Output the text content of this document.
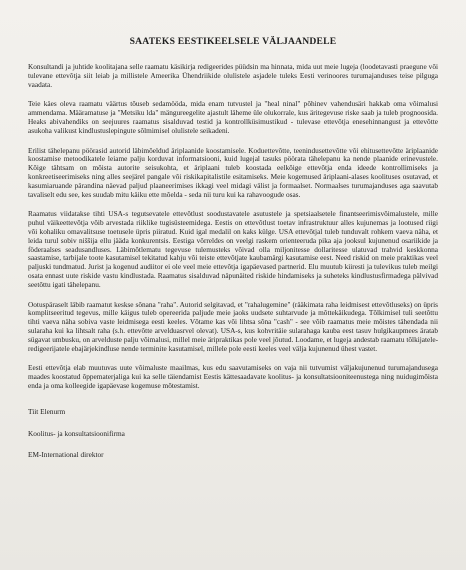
SAATEKS EESTIKEELSELE VÄLJAANDELE

Konsultandi ja juhtide koolitajana selle raamatu käsikirja redigeerides püüdsin ma hinnata, mida uut meie lugeja (loodetavasti praegune või tulevane ettevõtja siit leiab ja millistele Ameerika Ühendriikide olulistele asjadele tuleks Eesti verinoores turumajanduses teise pilguga vaadata.

Teie käes oleva raamatu väärtus tõuseb sedamööda, mida enam tutvustel ja "heal ninal" põhinev vahendusäri hakkab oma võimalusi ammendama. Määramatuse ja "Metsiku lda" mängureegelite ajastult läheme üle olukorrale, kus äritegevuse riske saab ja tuleb prognoosida. Heaks abivahendiks on seejuures raamatus sisalduvad testid ja kontrollküsimustikud - tulevase ettevõtja enesehinnangust ja ettevõtte asukoha valikust kindlustuslepingute sõlmimisel olulistele seikadeni.

Erilist tähelepanu pöörasid autorid läbimõeldud äriplaanide koostamisele. Koduettevõtte, teenindusettevõtte või ehitusettevõtte äriplaanide koostamise metoodikatele leiame palju korduvat informatsiooni, kuid lugejal tasuks pöörata tähelepanu ka nende plaanide erinevustele. Kõige tähtsam on mõista autorite seisukohta, et äriplaani tuleb koostada eelkõige ettevõtja enda ideede kontrollimiseks ja konkreetiseerimiseks ning alles seejärel pangale või riskikapitalistile esitamiseks. Meie kogemused äriplaani-alases koolituses osutavad, et kasumiaruande pärandina näevad paljud plaaneerimises ikkagi veel midagi välist ja formaalset. Normaalses turumajanduses aga saavutab tavaliselt edu see, kes suudab mitu käiku ette mõelda - seda nii turu kui ka rahavoogude osas.

Raamatus viidatakse tihti USA-s tegutsevatele ettevõtlust soodustavatele asutustele ja spetsiaalsetele finantseerimisvõimalustele, mille puhul väikeettevõtja võib arvestada riiklike tugisüsteemidega. Eestis on ettevõtlust toetav infrastruktuur alles kujunemas ja lootused riigi või kohaliku omavalitsuse toetusele üpris piiratud. Kuid igal medalil on kaks külge. USA ettevõtjal tuleb tunduvalt rohkem vaeva näha, et leida turul sobiv niššija ellu jääda konkurentsis. Eestiga võrreldes on veelgi raskem orienteeruda pika aja jooksul kujunenud osariikide ja föderaalses seadusandluses. Läbimõtlematu tegevuse tulemusteks võivad olla miljonitesse dollaritesse ulatuvad trahvid keskkonna saastamise, tarbijale toote kasutamisel tekitatud kahju või teiste ettevõtjate kaubamärgi kasutamise eest. Need riskid on meie praktikas veel paljuski tundmatud. Jurist ja kogenud audiitor ei ole veel meie ettevõtja igapäevased partnerid. Elu muutub kiiresti ja tulevikus tuleb meilgi osata ennast uute riskide vastu kindlustada. Raamatus sisalduvad näpunäited riskide hindamiseks ja suheteks kindlustusfirmadega pälvivad seetõttu igati tähelepanu.

Ootuspäraselt läbib raamatut kesksе sõnana "raha". Autorid selgitavad, et "rahalugemine" (rääkimata raha leidmisest ettevõtluseks) on üpris komplitseeritud tegevus, mille käigus tuleb opereerida paljude meie jaoks uudsete suhtarvude ja mõttekäikudega. Tõlkimisel tuli seetõttu tihti vaeva näha sobiva vaste leidmisega eesti keeles. Võtame kas või lihtsa sõna "cash" - see võib raamatus meie mõistes tähendada nii sularaha kui ka lihtsalt raha (s.h. ettevõtte arvelduasrvel olevat). USA-s, kus kohvritäie sularahaga kaubа eest tasuv hulgikaupmees äratab sügavat umbusku, on arvelduste palju võimalusi, millel meie äripraktikas pole veel jõutud. Loodame, et lugeja andestab raamatu tõlkijatele-redigeerijatele ebajärjekindluse nende terminite kasutamisel, millele pole eesti keeles veel välja kujunenud ühest vastet.

Eesti ettevõtja elab muutuvas uute võimaluste maailmas, kus edu saavutamiseks on vaja nii tutvumist väljakujunenud turumajandusega maades koostatud õppematerjaliga kui ka selle täiendamist Eestis kättesaadavate koolitus- ja konsultatsiooniteenustega ning nuidugimõista enda ja oma kolleegide igapäevase kogemuse mõtestamist.

Tiit Elenurm

Koolitus- ja konsultatsioonifirma

EM-International direktor
